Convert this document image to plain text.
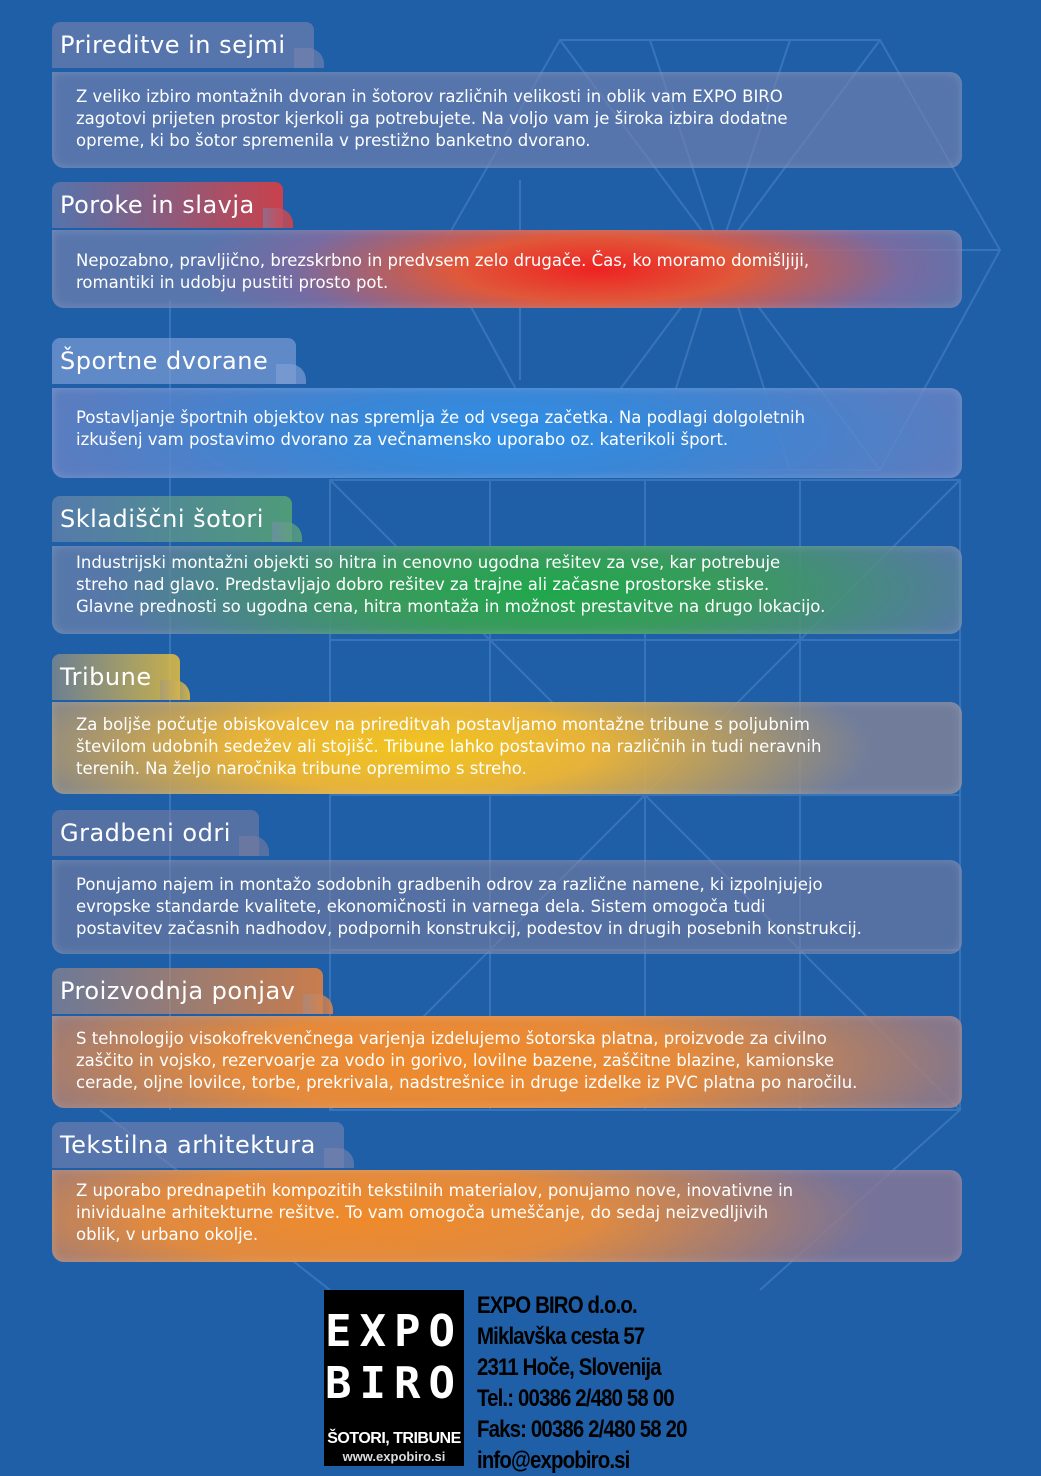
Prireditve in sejmi

Z veliko izbiro montažnih dvoran in šotorov različnih velikosti in oblik vam EXPO BIRO

zagotovi prijeten prostor kjerkoli ga potrebujete. Na voljo vam je široka izbira dodatne

opreme, ki bo šotor spremenila v prestižno banketno dvorano.

Poroke in slavja

Nepozabno, pravljično, brezskrbno in predvsem zelo drugače. Čas, ko moramo domišljiji,

romantiki in udobju pustiti prosto pot.

Športne dvorane

Postavljanje športnih objektov nas spremlja že od vsega začetka. Na podlagi dolgoletnih

izkušenj vam postavimo dvorano za večnamensko uporabo oz. katerikoli šport.

Skladiščni šotori

Industrijski montažni objekti so hitra in cenovno ugodna rešitev za vse, kar potrebuje

streho nad glavo. Predstavljajo dobro rešitev za trajne ali začasne prostorske stiske.

Glavne prednosti so ugodna cena, hitra montaža in možnost prestavitve na drugo lokacijo.

Tribune

Za boljše počutje obiskovalcev na prireditvah postavljamo montažne tribune s poljubnim

številom udobnih sedežev ali stojišč. Tribune lahko postavimo na različnih in tudi neravnih

terenih. Na željo naročnika tribune opremimo s streho.

Gradbeni odri

Ponujamo najem in montažo sodobnih gradbenih odrov za različne namene, ki izpolnjujejo

evropske standarde kvalitete, ekonomičnosti in varnega dela. Sistem omogoča tudi

postavitev začasnih nadhodov, podpornih konstrukcij, podestov in drugih posebnih konstrukcij.

Proizvodnja ponjav

S tehnologijo visokofrekvenčnega varjenja izdelujemo šotorska platna, proizvode za civilno

zaščito in vojsko, rezervoarje za vodo in gorivo, lovilne bazene, zaščitne blazine, kamionske

cerade, oljne lovilce, torbe, prekrivala, nadstrešnice in druge izdelke iz PVC platna po naročilu.

Tekstilna arhitektura

Z uporabo prednapetih kompozitih tekstilnih materialov, ponujamo nove, inovativne in

inividualne arhitekturne rešitve. To vam omogoča umeščanje, do sedaj neizvedljivih

oblik, v urbano okolje.

EXPO
BIRO
ŠOTORI, TRIBUNE
www.expobiro.si
EXPO BIRO d.o.o.
Miklavška cesta 57
2311 Hoče, Slovenija
Tel.: 00386 2/480 58 00
Faks: 00386 2/480 58 20
info@expobiro.si
